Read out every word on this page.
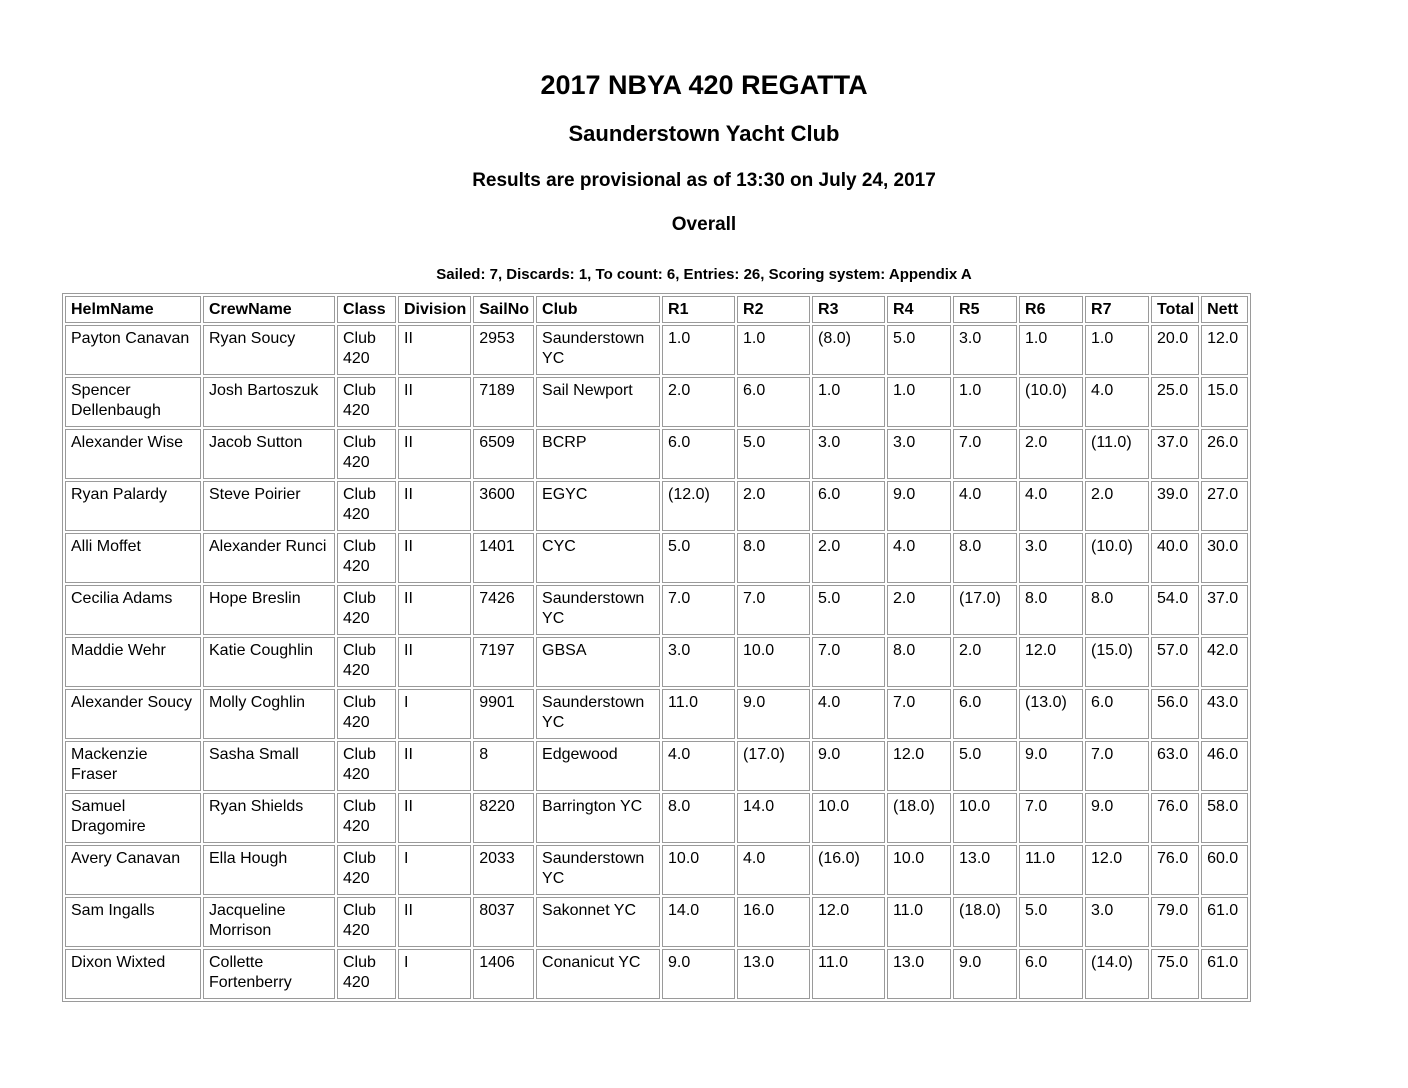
2017 NBYA 420 REGATTA
Saunderstown Yacht Club
Results are provisional as of 13:30 on July 24, 2017
Overall
Sailed: 7, Discards: 1, To count: 6, Entries: 26, Scoring system: Appendix A
HelmName	CrewName	Class	Division	SailNo	Club	R1	R2	R3	R4	R5	R6	R7	Total	Nett
Payton Canavan	Ryan Soucy	Club 420	II	2953	Saunderstown YC	1.0	1.0	(8.0)	5.0	3.0	1.0	1.0	20.0	12.0
Spencer Dellenbaugh	Josh Bartoszuk	Club 420	II	7189	Sail Newport	2.0	6.0	1.0	1.0	1.0	(10.0)	4.0	25.0	15.0
Alexander Wise	Jacob Sutton	Club 420	II	6509	BCRP	6.0	5.0	3.0	3.0	7.0	2.0	(11.0)	37.0	26.0
Ryan Palardy	Steve Poirier	Club 420	II	3600	EGYC	(12.0)	2.0	6.0	9.0	4.0	4.0	2.0	39.0	27.0
Alli Moffet	Alexander Runci	Club 420	II	1401	CYC	5.0	8.0	2.0	4.0	8.0	3.0	(10.0)	40.0	30.0
Cecilia Adams	Hope Breslin	Club 420	II	7426	Saunderstown YC	7.0	7.0	5.0	2.0	(17.0)	8.0	8.0	54.0	37.0
Maddie Wehr	Katie Coughlin	Club 420	II	7197	GBSA	3.0	10.0	7.0	8.0	2.0	12.0	(15.0)	57.0	42.0
Alexander Soucy	Molly Coghlin	Club 420	I	9901	Saunderstown YC	11.0	9.0	4.0	7.0	6.0	(13.0)	6.0	56.0	43.0
Mackenzie Fraser	Sasha Small	Club 420	II	8	Edgewood	4.0	(17.0)	9.0	12.0	5.0	9.0	7.0	63.0	46.0
Samuel Dragomire	Ryan Shields	Club 420	II	8220	Barrington YC	8.0	14.0	10.0	(18.0)	10.0	7.0	9.0	76.0	58.0
Avery Canavan	Ella Hough	Club 420	I	2033	Saunderstown YC	10.0	4.0	(16.0)	10.0	13.0	11.0	12.0	76.0	60.0
Sam Ingalls	Jacqueline Morrison	Club 420	II	8037	Sakonnet YC	14.0	16.0	12.0	11.0	(18.0)	5.0	3.0	79.0	61.0
Dixon Wixted	Collette Fortenberry	Club 420	I	1406	Conanicut YC	9.0	13.0	11.0	13.0	9.0	6.0	(14.0)	75.0	61.0
